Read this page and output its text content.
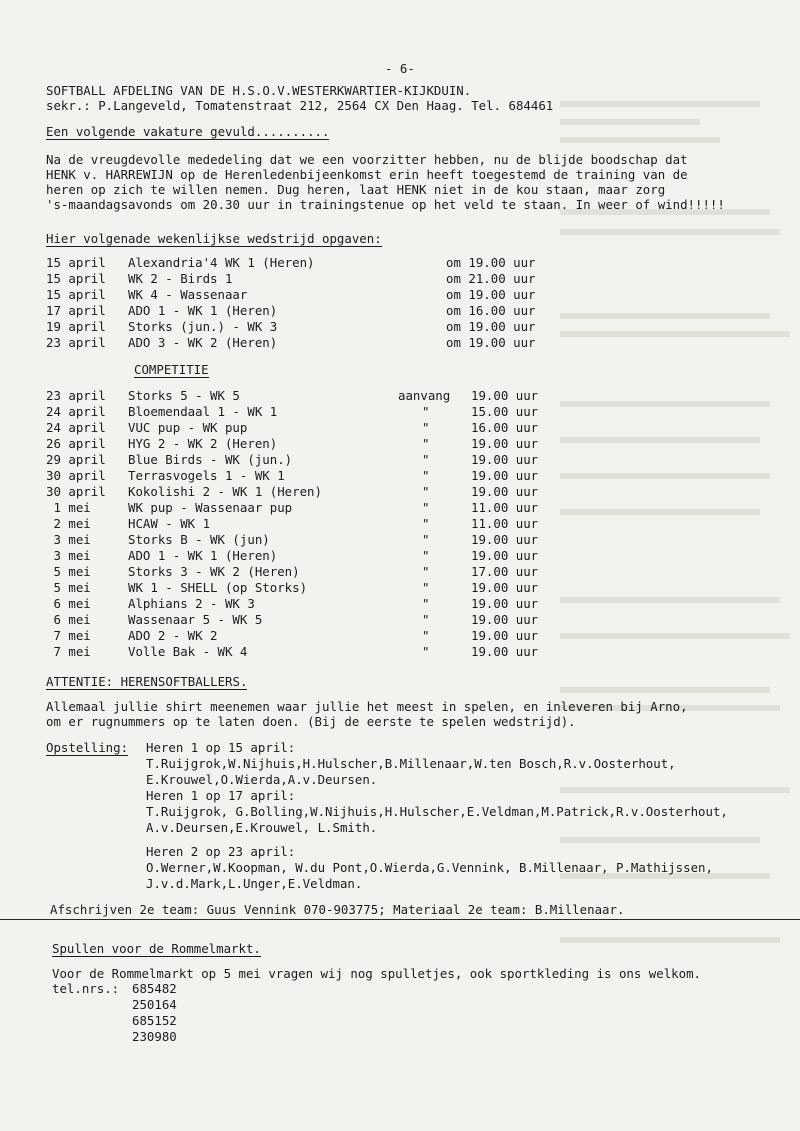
- 6-
SOFTBALL AFDELING VAN DE H.S.O.V.WESTERKWARTIER-KIJKDUIN.
sekr.: P.Langeveld, Tomatenstraat 212, 2564 CX Den Haag. Tel. 684461
Een volgende vakature gevuld..........
Na de vreugdevolle mededeling dat we een voorzitter hebben, nu de blijde boodschap dat
HENK v. HARREWIJN op de Herenledenbijeenkomst erin heeft toegestemd de training van de
heren op zich te willen nemen. Dug heren, laat HENK niet in de kou staan, maar zorg
's-maandagsavonds om 20.30 uur in trainingstenue op het veld te staan. In weer of wind!!!!!
Hier volgenade wekenlijkse wedstrijd opgaven:
15 april Alexandria'4 WK 1 (Heren)	om 19.00 uur
15 april WK 2 - Birds 1	om 21.00 uur
15 april WK 4 - Wassenaar	om 19.00 uur
17 april ADO 1 - WK 1 (Heren)	om 16.00 uur
19 april Storks (jun.) - WK 3	om 19.00 uur
23 april ADO 3 - WK 2 (Heren)	om 19.00 uur
COMPETITIE
23 april Storks 5 - WK 5	aanvang 19.00 uur
24 april Bloemendaal 1 - WK 1	"	15.00 uur
24 april VUC pup - WK pup	"	16.00 uur
26 april HYG 2 - WK 2 (Heren)	"	19.00 uur
29 april Blue Birds - WK (jun.)	"	19.00 uur
30 april Terrasvogels 1 - WK 1	"	19.00 uur
30 april Kokolishi 2 - WK 1 (Heren)	"	19.00 uur
1 mei	WK pup - Wassenaar pup	"	11.00 uur
2 mei	HCAW - WK 1	"	11.00 uur
3 mei	Storks B - WK (jun)	"	19.00 uur
3 mei	ADO 1 - WK 1 (Heren)	"	19.00 uur
5 mei	Storks 3 - WK 2 (Heren)	"	17.00 uur
5 mei	WK 1 - SHELL (op Storks)	"	19.00 uur
6 mei	Alphians 2 - WK 3	"	19.00 uur
6 mei	Wassenaar 5 - WK 5	"	19.00 uur
7 mei	ADO 2 - WK 2	"	19.00 uur
7 mei	Volle Bak - WK 4	"	19.00 uur
ATTENTIE: HERENSOFTBALLERS.
Allemaal jullie shirt meenemen waar jullie het meest in spelen, en inleveren bij Arno,
om er rugnummers op te laten doen. (Bij de eerste te spelen wedstrijd).
Opstelling: Heren 1 op 15 april:
T.Ruijgrok,W.Nijhuis,H.Hulscher,B.Millenaar,W.ten Bosch,R.v.Oosterhout,
E.Krouwel,O.Wierda,A.v.Deursen.
Heren 1 op 17 april:
T.Ruijgrok, G.Bolling,W.Nijhuis,H.Hulscher,E.Veldman,M.Patrick,R.v.Oosterhout,
A.v.Deursen,E.Krouwel, L.Smith.
Heren 2 op 23 april:
O.Werner,W.Koopman, W.du Pont,O.Wierda,G.Vennink, B.Millenaar, P.Mathijssen,
J.v.d.Mark,L.Unger,E.Veldman.
Afschrijven 2e team: Guus Vennink 070-903775; Materiaal 2e team: B.Millenaar.
Spullen voor de Rommelmarkt.
Voor de Rommelmarkt op 5 mei vragen wij nog spulletjes, ook sportkleding is ons welkom.
tel.nrs.: 685482
250164
685152
230980
